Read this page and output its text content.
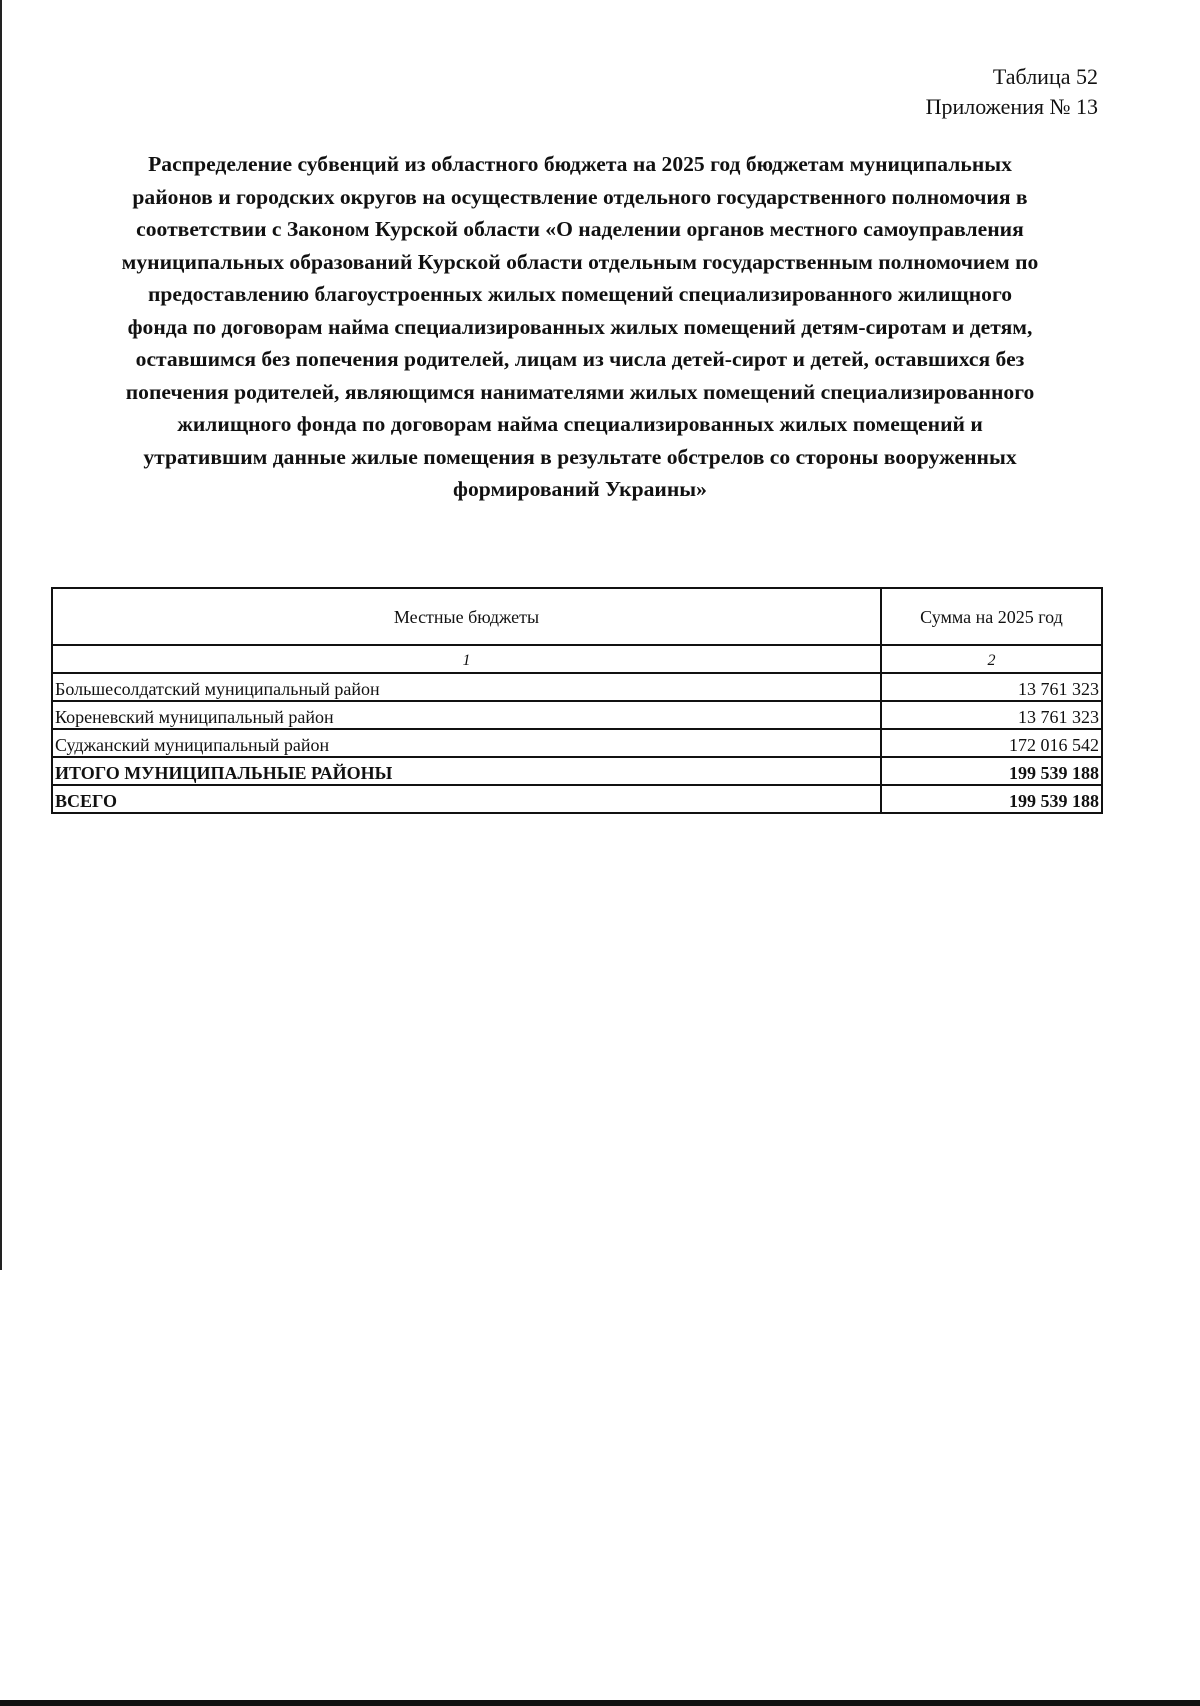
Таблица 52
Приложения № 13
Распределение субвенций из областного бюджета на 2025 год бюджетам муниципальных
районов и городских округов на осуществление отдельного государственного полномочия в
соответствии с Законом Курской области «О наделении органов местного самоуправления
муниципальных образований Курской области отдельным государственным полномочием по
предоставлению благоустроенных жилых помещений специализированного жилищного
фонда по договорам найма специализированных жилых помещений детям-сиротам и детям,
оставшимся без попечения родителей, лицам из числа детей-сирот и детей, оставшихся без
попечения родителей, являющимся нанимателями жилых помещений специализированного
жилищного фонда по договорам найма специализированных жилых помещений и
утратившим данные жилые помещения в результате обстрелов со стороны вооруженных
формирований Украины»
Местные бюджеты	Сумма на 2025 год
1	2
Большесолдатский муниципальный район	13 761 323
Кореневский муниципальный район	13 761 323
Суджанский муниципальный район	172 016 542
ИТОГО МУНИЦИПАЛЬНЫЕ РАЙОНЫ	199 539 188
ВСЕГО	199 539 188
